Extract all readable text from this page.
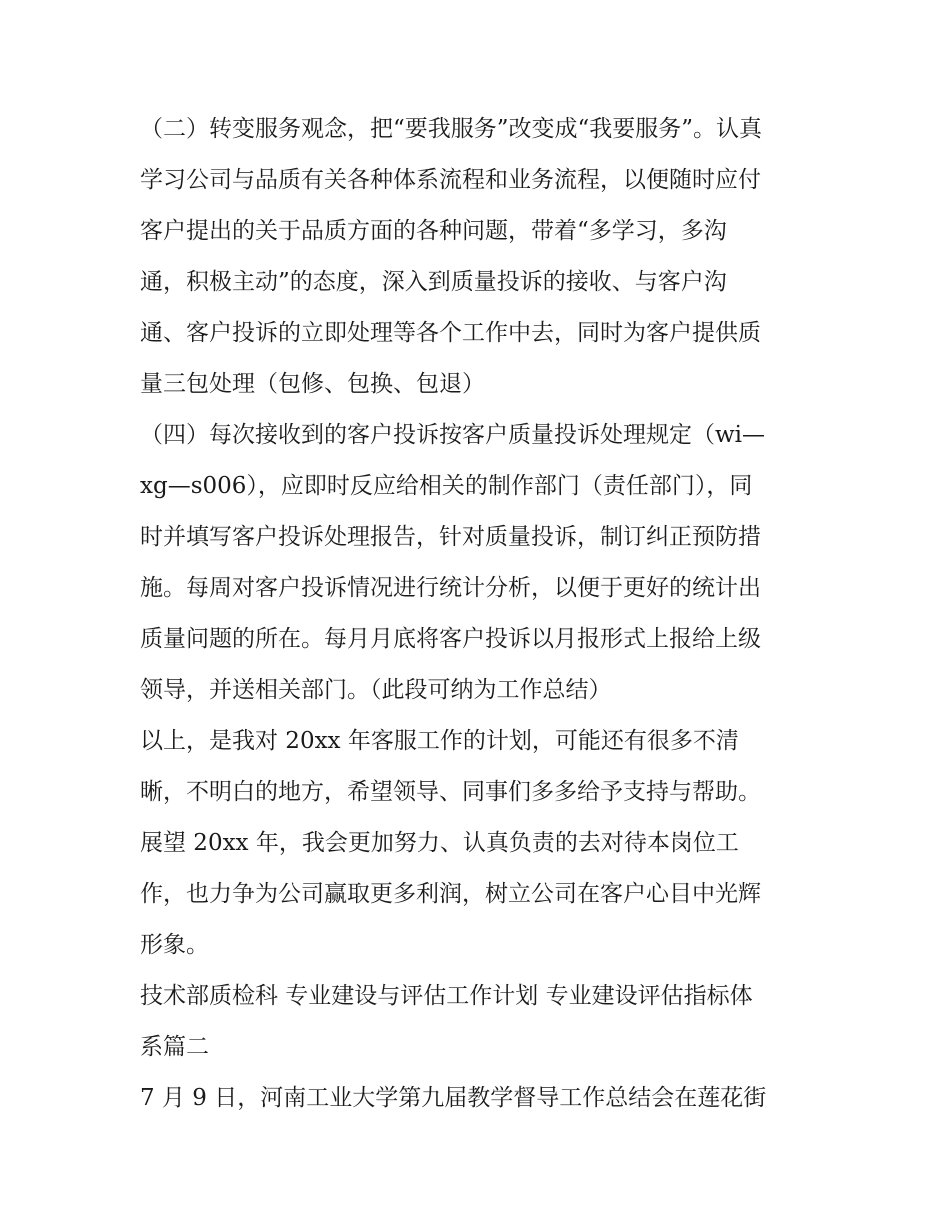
（二）转变服务观念，把“要我服务”改变成“我要服务”。认真
学习公司与品质有关各种体系流程和业务流程，以便随时应付
客户提出的关于品质方面的各种问题，带着“多学习，多沟
通，积极主动”的态度，深入到质量投诉的接收、与客户沟
通、客户投诉的立即处理等各个工作中去，同时为客户提供质
量三包处理（包修、包换、包退）
（四）每次接收到的客户投诉按客户质量投诉处理规定（wi—
xg—s006），应即时反应给相关的制作部门（责任部门），同
时并填写客户投诉处理报告，针对质量投诉，制订纠正预防措
施。每周对客户投诉情况进行统计分析，以便于更好的统计出
质量问题的所在。每月月底将客户投诉以月报形式上报给上级
领导，并送相关部门。（此段可纳为工作总结）
以上，是我对 20xx 年客服工作的计划，可能还有很多不清
晰，不明白的地方，希望领导、同事们多多给予支持与帮助。
展望 20xx 年，我会更加努力、认真负责的去对待本岗位工
作，也力争为公司赢取更多利润，树立公司在客户心目中光辉
形象。
技术部质检科 专业建设与评估工作计划 专业建设评估指标体
系篇二
7 月 9 日，河南工业大学第九届教学督导工作总结会在莲花街
